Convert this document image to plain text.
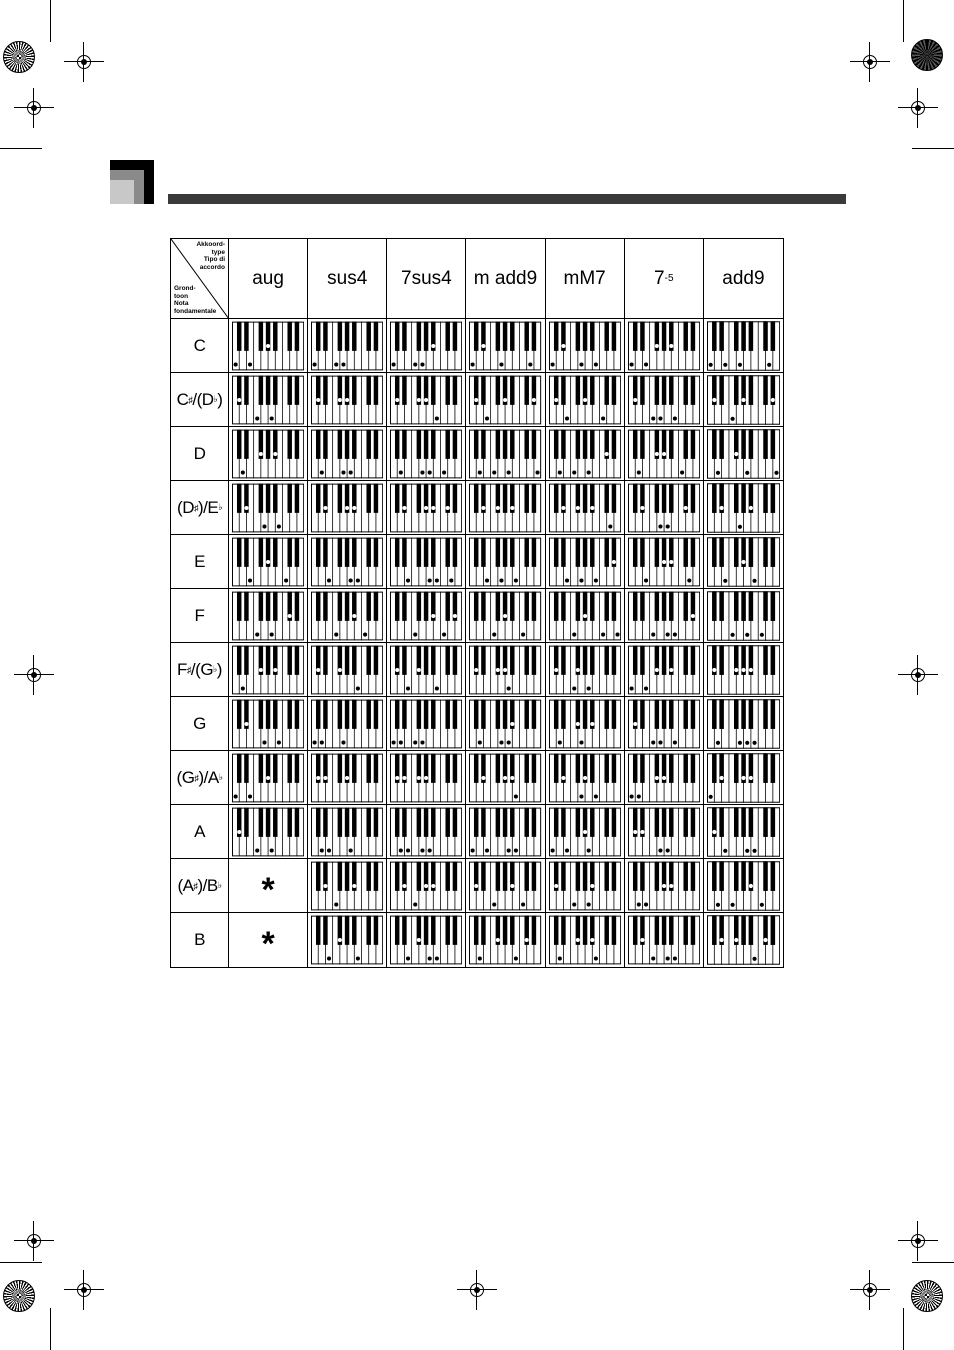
Akkoord-
type
Tipo di
accordo
Grond-
toon
Nota
fondamentale
aug sus4 7sus4 m add9 mM7	7 -5	add9
C
C ♯ /( D ♭ )
D
( D ♯ )/ E ♭
E
F
F ♯ /( G ♭ )
G
( G ♯ )/ A ♭
A
( A ♯ )/ B ♭ *
B *
